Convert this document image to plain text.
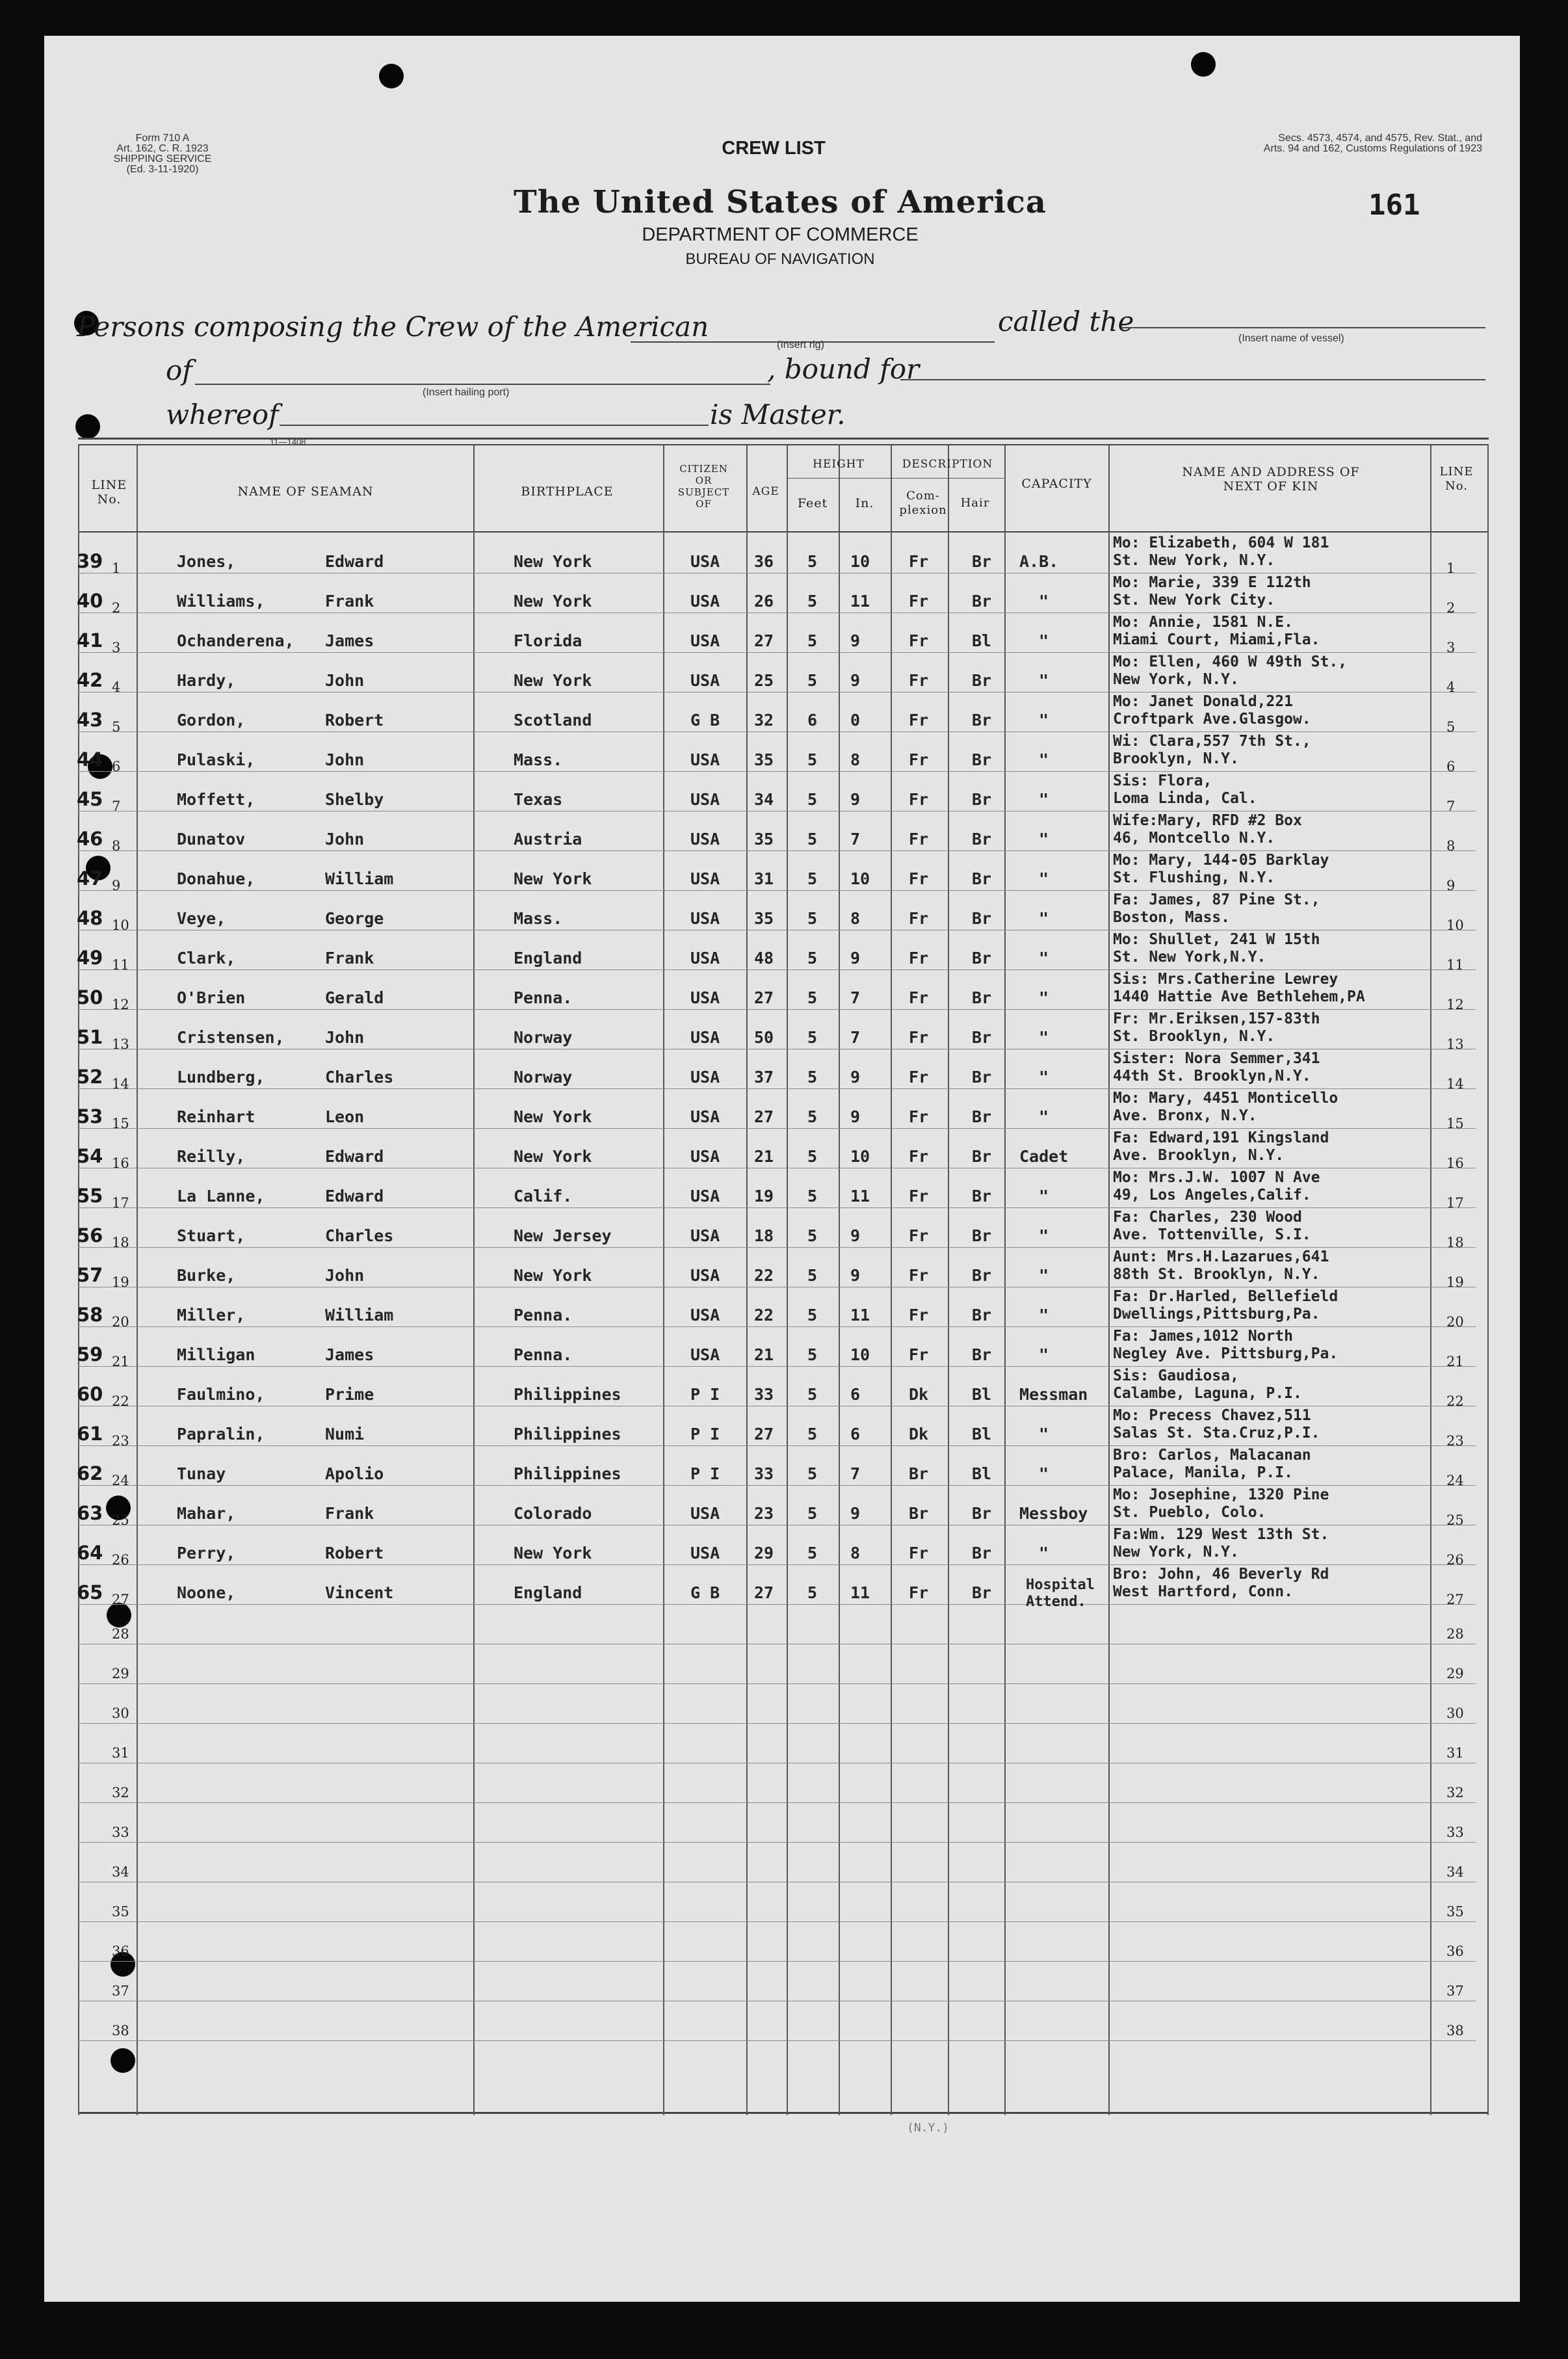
Form 710 A
Art. 162, C. R. 1923
SHIPPING SERVICE
(Ed. 3-11-1920)
Secs. 4573, 4574, and 4575, Rev. Stat., and
Arts. 94 and 162, Customs Regulations of 1923
CREW LIST
The United States of America
DEPARTMENT OF COMMERCE
BUREAU OF NAVIGATION
161
Persons composing the Crew of the American
(Insert rig)
called the
(Insert name of vessel)
of
(Insert hailing port)
, bound for
whereof	is Master.
11—1408
LINE
No.
NAME OF SEAMAN	BIRTHPLACE
CITIZEN
OR
SUBJECT
OF
AGE
HEIGHT
Feet	In.
DESCRIPTION
Com-
plexion
Hair
CAPACITY
NAME AND ADDRESS OF
NEXT OF KIN
LINE
No.
39 1	Jones,	Edward	New York	USA 36 5 10 Fr	Br A.B.
Mo: Elizabeth, 604 W 181
St. New York, N.Y.	1
40 2	Williams,	Frank	New York	USA 26 5 11 Fr	Br	"
Mo: Marie, 339 E 112th
St. New York City.	2
41 3	Ochanderena, James	Florida	USA 27 5 9	Fr	Bl	"
Mo: Annie, 1581 N.E.
Miami Court, Miami,Fla.	3
42 4	Hardy,	John	New York	USA 25 5 9	Fr	Br	"
Mo: Ellen, 460 W 49th St.,
New York, N.Y.	4
43 5	Gordon,	Robert	Scotland	G B 32 6 0	Fr	Br	"
Mo: Janet Donald,221
Croftpark Ave.Glasgow.	5
44 6	Pulaski,	John	Mass.	USA 35 5 8	Fr	Br	"
Wi: Clara,557 7th St.,
Brooklyn, N.Y.	6
45 7	Moffett,	Shelby	Texas	USA 34 5 9	Fr	Br	"
Sis: Flora,
Loma Linda, Cal.	7
46 8	Dunatov	John	Austria	USA 35 5 7	Fr	Br	"
Wife:Mary, RFD #2 Box
46, Montcello N.Y.	8
47 9	Donahue,	William	New York	USA 31 5 10 Fr	Br	"
Mo: Mary, 144-05 Barklay
St. Flushing, N.Y.	9
48 10	Veye,	George	Mass.	USA 35 5 8	Fr	Br	"
Fa: James, 87 Pine St.,
Boston, Mass.	10
49 11	Clark,	Frank	England	USA 48 5 9	Fr	Br	"
Mo: Shullet, 241 W 15th
St. New York,N.Y.	11
50 12	O'Brien	Gerald	Penna.	USA 27 5 7	Fr	Br	"
Sis: Mrs.Catherine Lewrey
1440 Hattie Ave Bethlehem,PA	12
51 13	Cristensen, John	Norway	USA 50 5 7	Fr	Br	"
Fr: Mr.Eriksen,157-83th
St. Brooklyn, N.Y.	13
52 14	Lundberg,	Charles	Norway	USA 37 5 9	Fr	Br	"
Sister: Nora Semmer,341
44th St. Brooklyn,N.Y.	14
53 15	Reinhart	Leon	New York	USA 27 5 9	Fr	Br	"
Mo: Mary, 4451 Monticello
Ave. Bronx, N.Y.	15
54 16	Reilly,	Edward	New York	USA 21 5 10 Fr	Br Cadet
Fa: Edward,191 Kingsland
Ave. Brooklyn, N.Y.	16
55 17	La Lanne,	Edward	Calif.	USA 19 5 11 Fr	Br	"
Mo: Mrs.J.W. 1007 N Ave
49, Los Angeles,Calif.	17
56 18	Stuart,	Charles	New Jersey	USA 18 5 9	Fr	Br	"
Fa: Charles, 230 Wood
Ave. Tottenville, S.I.	18
57 19	Burke,	John	New York	USA 22 5 9	Fr	Br	"
Aunt: Mrs.H.Lazarues,641
88th St. Brooklyn, N.Y.	19
58 20	Miller,	William	Penna.	USA 22 5 11 Fr	Br	"
Fa: Dr.Harled, Bellefield
Dwellings,Pittsburg,Pa.	20
59 21	Milligan	James	Penna.	USA 21 5 10 Fr	Br	"
Fa: James,1012 North
Negley Ave. Pittsburg,Pa.	21
60 22	Faulmino,	Prime	Philippines	P I 33 5 6	Dk	Bl Messman
Sis: Gaudiosa,
Calambe, Laguna, P.I.	22
61 23	Papralin,	Numi	Philippines	P I 27 5 6	Dk	Bl	"
Mo: Precess Chavez,511
Salas St. Sta.Cruz,P.I.	23
62 24	Tunay	Apolio	Philippines	P I 33 5 7	Br	Bl	"
Bro: Carlos, Malacanan
Palace, Manila, P.I.	24
63 25	Mahar,	Frank	Colorado	USA 23 5 9	Br	Br Messboy
Mo: Josephine, 1320 Pine
St. Pueblo, Colo.	25
64 26	Perry,	Robert	New York	USA 29 5 8	Fr	Br	"
Fa:Wm. 129 West 13th St.
New York, N.Y.	26
65 27	Noone,	Vincent	England	G B 27 5 11 Fr	Br Hospital
Attend.
Bro: John, 46 Beverly Rd
West Hartford, Conn.	27
28	28
29	29
30	30
31	31
32	32
33	33
34	34
35	35
36	36
37	37
38	38
(N.Y.)
